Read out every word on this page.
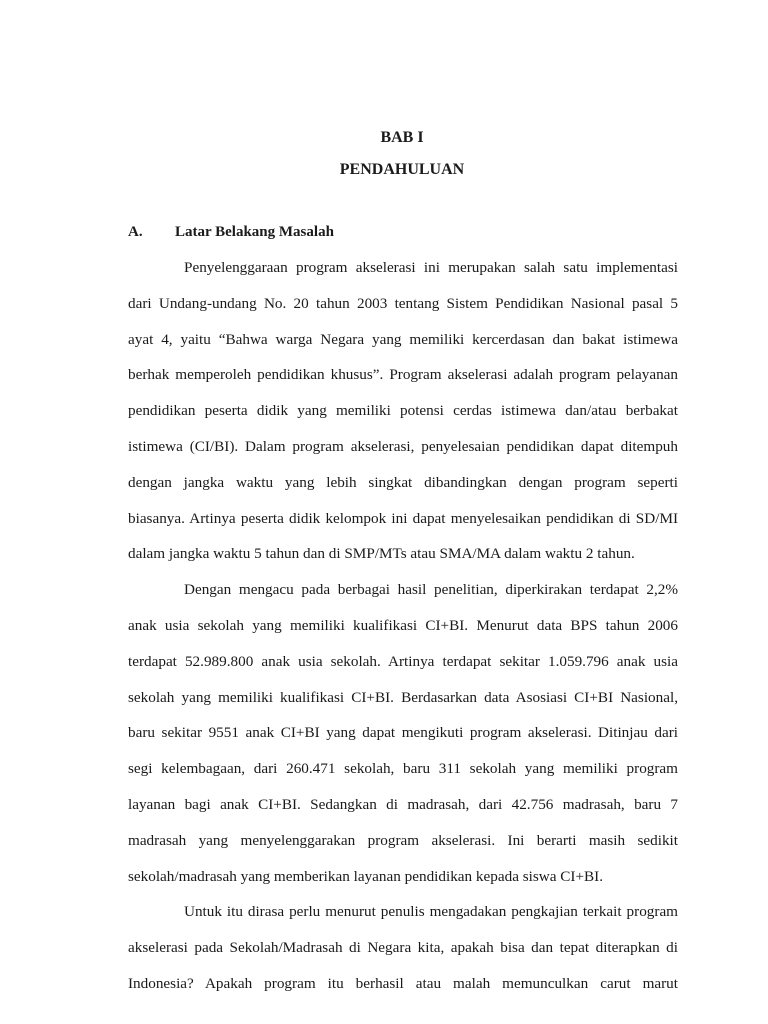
BAB I
PENDAHULUAN
A. Latar Belakang Masalah

Penyelenggaraan program akselerasi ini merupakan salah satu implementasi
dari Undang-undang No. 20 tahun 2003 tentang Sistem Pendidikan Nasional pasal 5
ayat 4, yaitu “Bahwa warga Negara yang memiliki kercerdasan dan bakat istimewa
berhak memperoleh pendidikan khusus”. Program akselerasi adalah program pelayanan
pendidikan peserta didik yang memiliki potensi cerdas istimewa dan/atau berbakat
istimewa (CI/BI). Dalam program akselerasi, penyelesaian pendidikan dapat ditempuh
dengan jangka waktu yang lebih singkat dibandingkan dengan program seperti
biasanya. Artinya peserta didik kelompok ini dapat menyelesaikan pendidikan di SD/MI
dalam jangka waktu 5 tahun dan di SMP/MTs atau SMA/MA dalam waktu 2 tahun.

Dengan mengacu pada berbagai hasil penelitian, diperkirakan terdapat 2,2%
anak usia sekolah yang memiliki kualifikasi CI+BI. Menurut data BPS tahun 2006
terdapat 52.989.800 anak usia sekolah. Artinya terdapat sekitar 1.059.796 anak usia
sekolah yang memiliki kualifikasi CI+BI. Berdasarkan data Asosiasi CI+BI Nasional,
baru sekitar 9551 anak CI+BI yang dapat mengikuti program akselerasi. Ditinjau dari
segi kelembagaan, dari 260.471 sekolah, baru 311 sekolah yang memiliki program
layanan bagi anak CI+BI. Sedangkan di madrasah, dari 42.756 madrasah, baru 7
madrasah yang menyelenggarakan program akselerasi. Ini berarti masih sedikit
sekolah/madrasah yang memberikan layanan pendidikan kepada siswa CI+BI.

Untuk itu dirasa perlu menurut penulis mengadakan pengkajian terkait program
akselerasi pada Sekolah/Madrasah di Negara kita, apakah bisa dan tepat diterapkan di
Indonesia? Apakah program itu berhasil atau malah memunculkan carut marut
